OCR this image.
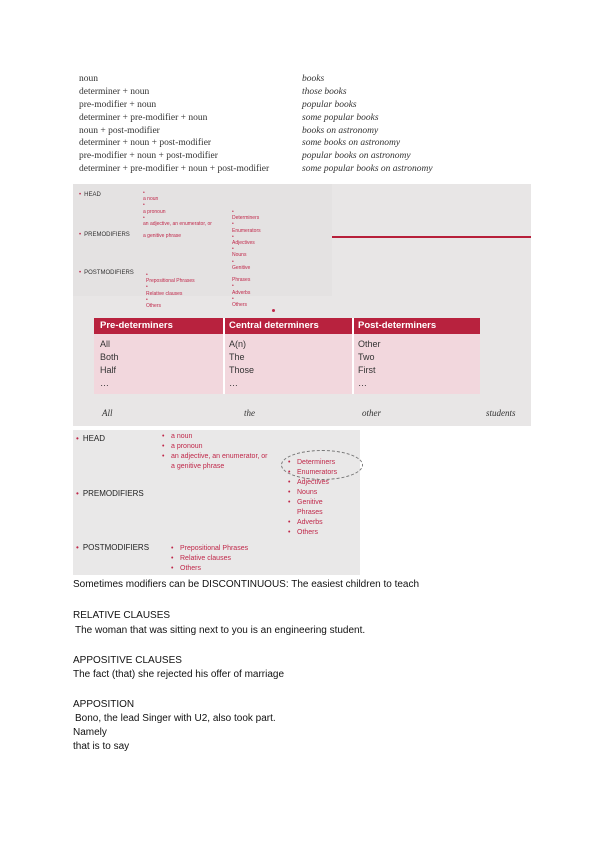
noun	books
determiner + noun	those books
pre-modifier + noun	popular books
determiner + pre-modifier + noun	some popular books
noun + post-modifier	books on astronomy
determiner + noun + post-modifier	some books on astronomy
pre-modifier + noun + post-modifier	popular books on astronomy
determiner + pre-modifier + noun + post-modifier	some popular books on astronomy
• HEAD
• PREMODIFIERS
• POSTMODIFIERS
•
a noun
•
a pronoun
•
an adjective, an enumerator, or

a genitive phrase
•
Determiners
•
Enumerators
•
Adjectives
•
Nouns
•
Genitive

Phrases
•
Adverbs
•
Others
•
Prepositional Phrases
•
Relative clauses
•
Others
Pre-determiners	Central determiners	Post-determiners
All	A(n)	Other
Both	The	Two
Half	Those	First
…	…	…
All	the	other	students
• HEAD
• PREMODIFIERS
• POSTMODIFIERS
• a noun
• a pronoun
• an adjective, an enumerator, or
a genitive phrase
• Determiners
• Enumerators
• Adjectives
• Nouns
• Genitive
Phrases
• Adverbs
• Others
• Prepositional Phrases
• Relative clauses
• Others
Sometimes modifiers can be DISCONTINUOUS: The easiest children to teach
RELATIVE CLAUSES
The woman that was sitting next to you is an engineering student.
APPOSITIVE CLAUSES
The fact (that) she rejected his offer of marriage
APPOSITION
Bono, the lead Singer with U2, also took part.
Namely
that is to say
